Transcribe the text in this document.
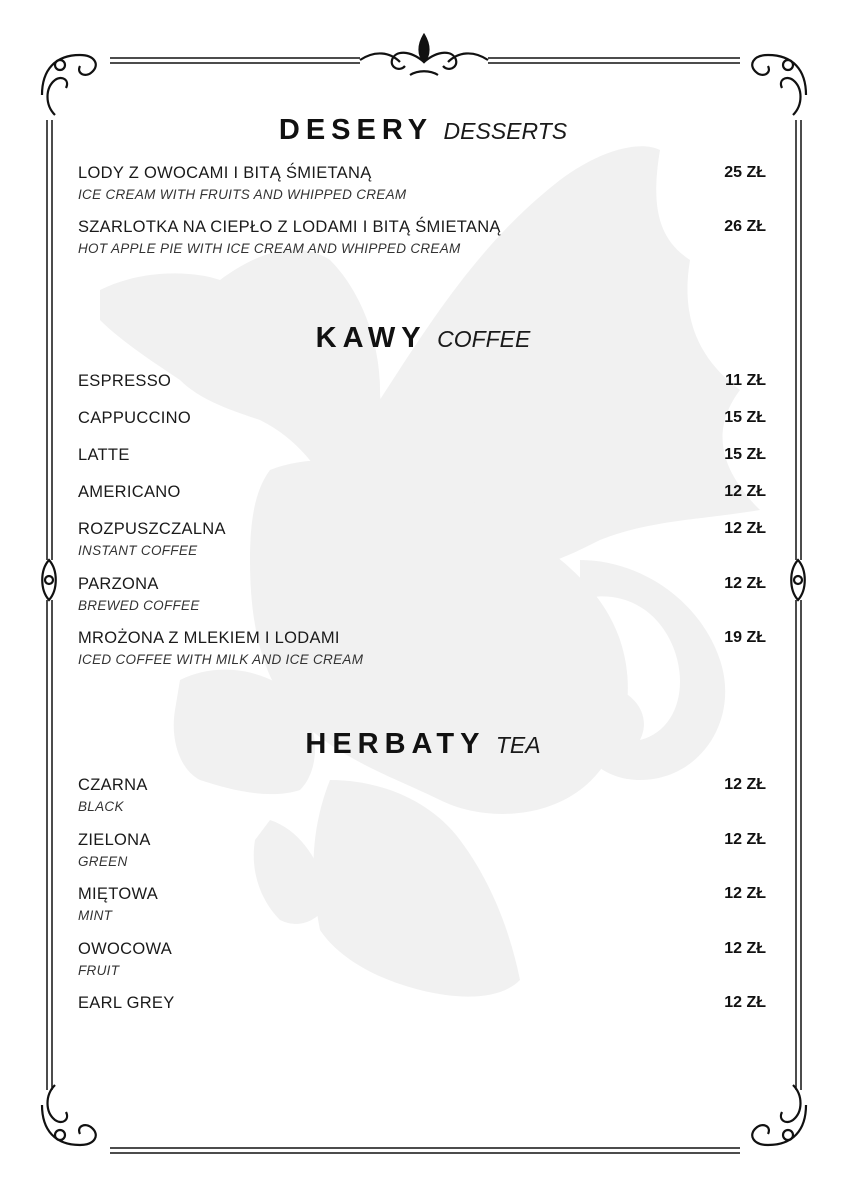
DESERY DESSERTS
LODY Z OWOCAMI I BITĄ ŚMIETANĄ
ICE CREAM WITH FRUITS AND WHIPPED CREAM
25 ZŁ
SZARLOTKA NA CIEPŁO Z LODAMI I BITĄ ŚMIETANĄ
HOT APPLE PIE WITH ICE CREAM AND WHIPPED CREAM
26 ZŁ
KAWY COFFEE
ESPRESSO	11 ZŁ
CAPPUCCINO	15 ZŁ
LATTE	15 ZŁ
AMERICANO	12 ZŁ
ROZPUSZCZALNA
INSTANT COFFEE
12 ZŁ
PARZONA
BREWED COFFEE
12 ZŁ
MROŻONA Z MLEKIEM I LODAMI
ICED COFFEE WITH MILK AND ICE CREAM
19 ZŁ
HERBATY TEA
CZARNA
BLACK
12 ZŁ
ZIELONA
GREEN
12 ZŁ
MIĘTOWA
MINT
12 ZŁ
OWOCOWA
FRUIT
12 ZŁ
EARL GREY	12 ZŁ
